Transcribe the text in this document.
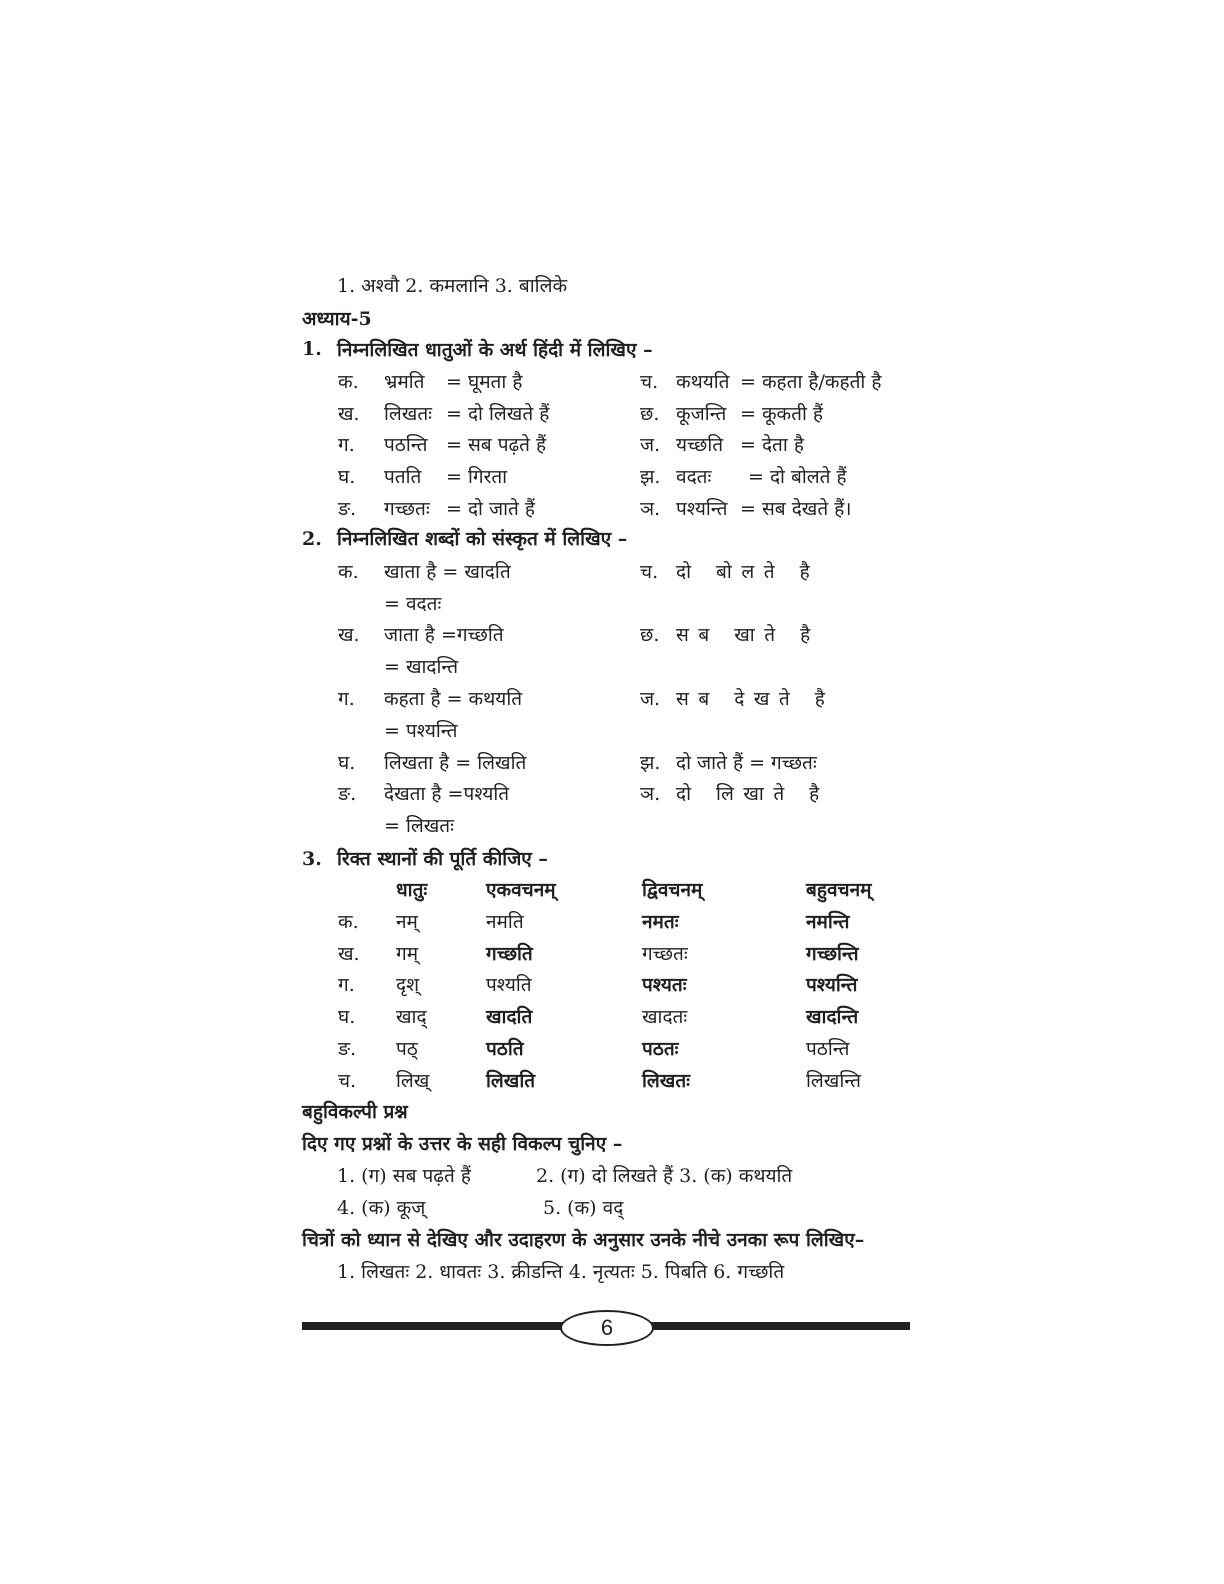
1. अश्वौ 2. कमलानि 3. बालिके
अध्याय-5
1. निम्नलिखित धातुओं के अर्थ हिंदी में लिखिए –
क. भ्रमति = घूमता है
ख. लिखतः = दो लिखते हैं
ग. पठन्ति = सब पढ़ते हैं
घ. पतति = गिरता
ङ. गच्छतः = दो जाते हैं
च. कथयति = कहता है/कहती है
छ. कूजन्ति = कूकती हैं
ज. यच्छति = देता है
झ. वदतः = दो बोलते हैं
ञ. पश्यन्ति = सब देखते हैं।
2. निम्नलिखित शब्दों को संस्कृत में लिखिए –
क. खाता है = खादति	च. दो बोलते है
= वदतः
ख. जाता है =गच्छति	छ. सब खाते है
= खादन्ति
ग. कहता है = कथयति	ज. सब देखते है
= पश्यन्ति
घ. लिखता है = लिखति	झ. दो जाते हैं = गच्छतः
ङ. देखता है =पश्यति	ञ. दो लिखाते है
= लिखतः
3. रिक्त स्थानों की पूर्ति कीजिए –
धातुः	एकवचनम्	द्विवचनम्	बहुवचनम्
क. नम्	नमति	नमतः	नमन्ति
ख. गम्	गच्छति	गच्छतः	गच्छन्ति
ग. दृश्	पश्यति	पश्यतः	पश्यन्ति
घ. खाद्	खादति	खादतः	खादन्ति
ङ. पठ्	पठति	पठतः	पठन्ति
च. लिख्	लिखति	लिखतः	लिखन्ति
बहुविकल्पी प्रश्न
दिए गए प्रश्नों के उत्तर के सही विकल्प चुनिए –
1. (ग) सब पढ़ते हैं	2. (ग) दो लिखते हैं 3. (क) कथयति
4. (क) कूज्	5. (क) वद्
चित्रों को ध्यान से देखिए और उदाहरण के अनुसार उनके नीचे उनका रूप लिखिए–
1. लिखतः 2. धावतः 3. क्रीडन्ति 4. नृत्यतः 5. पिबति 6. गच्छति
6
